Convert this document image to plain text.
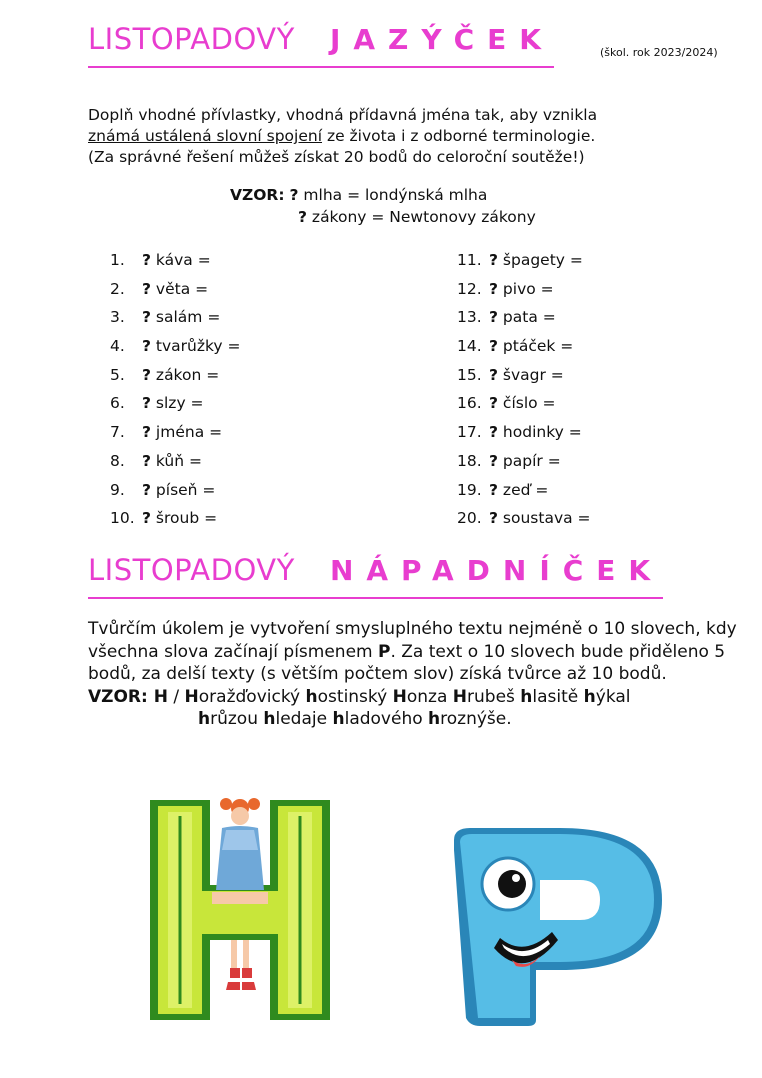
LISTOPADOVÝ JAZÝČEK	(škol. rok 2023/2024)

Doplň vhodné přívlastky, vhodná přídavná jména tak, aby vznikla

známá ustálená slovní spojení ze života i z odborné terminologie.

(Za správné řešení můžeš získat 20 bodů do celoroční soutěže!)

VZOR: ? mlha = londýnská mlha
? zákony = Newtonovy zákony
1. ? káva =
2. ? věta =
3. ? salám =
4. ? tvarůžky =
5. ? zákon =
6. ? slzy =
7. ? jména =
8. ? kůň =
9. ? píseň =
10. ? šroub =
11. ? špagety =
12. ? pivo =
13. ? pata =
14. ? ptáček =
15. ? švagr =
16. ? číslo =
17. ? hodinky =
18. ? papír =
19. ? zeď =
20. ? soustava =
LISTOPADOVÝ NÁPADNÍČEK

Tvůrčím úkolem je vytvoření smysluplného textu nejméně o 10 slovech, kdy všechna slova začínají písmenem P. Za text o 10 slovech bude přiděleno 5 bodů, za delší texty (s větším počtem slov) získá tvůrce až 10 bodů.

VZOR: H / Horažďovický hostinský Honza Hrubeš hlasitě hýkal
hrůzou hledaje hladového hroznýše.
